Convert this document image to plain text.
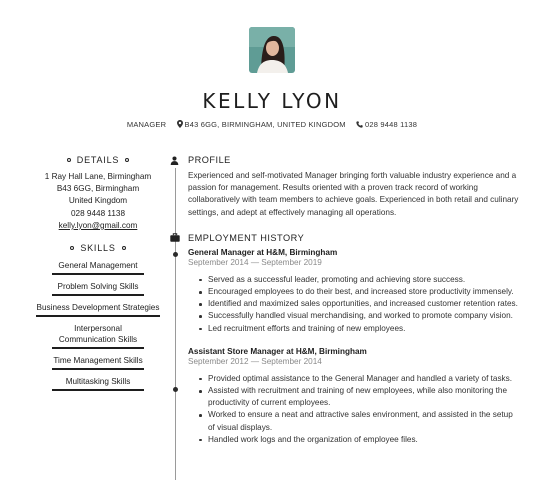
KELLY LYON
MANAGER B43 6GG, BIRMINGHAM, UNITED KINGDOM	028 9448 1138
DETAILS
1 Ray Hall Lane, Birmingham
B43 6GG, Birmingham
United Kingdom
028 9448 1138
kelly.lyon@gmail.com
SKILLS
General Management
Problem Solving Skills
Business Development Strategies
Interpersonal Communication Skills
Time Management Skills
Multitasking Skills
PROFILE
Experienced and self-motivated Manager bringing forth valuable industry experience and a passion for management. Results oriented with a proven track record of working collaboratively with team members to achieve goals. Experienced in both retail and culinary settings, and adept at effectively managing all operations.
EMPLOYMENT HISTORY
General Manager at H&M, Birmingham
September 2014 — September 2019
Served as a successful leader, promoting and achieving store success.
Encouraged employees to do their best, and increased store productivity immensely.
Identified and maximized sales opportunities, and increased customer retention rates.
Successfully handled visual merchandising, and worked to promote company vision.
Led recruitment efforts and training of new employees.
Assistant Store Manager at H&M, Birmingham
September 2012 — September 2014
Provided optimal assistance to the General Manager and handled a variety of tasks.
Assisted with recruitment and training of new employees, while also monitoring the productivity of current employees.
Worked to ensure a neat and attractive sales environment, and assisted in the setup of visual displays.
Handled work logs and the organization of employee files.
